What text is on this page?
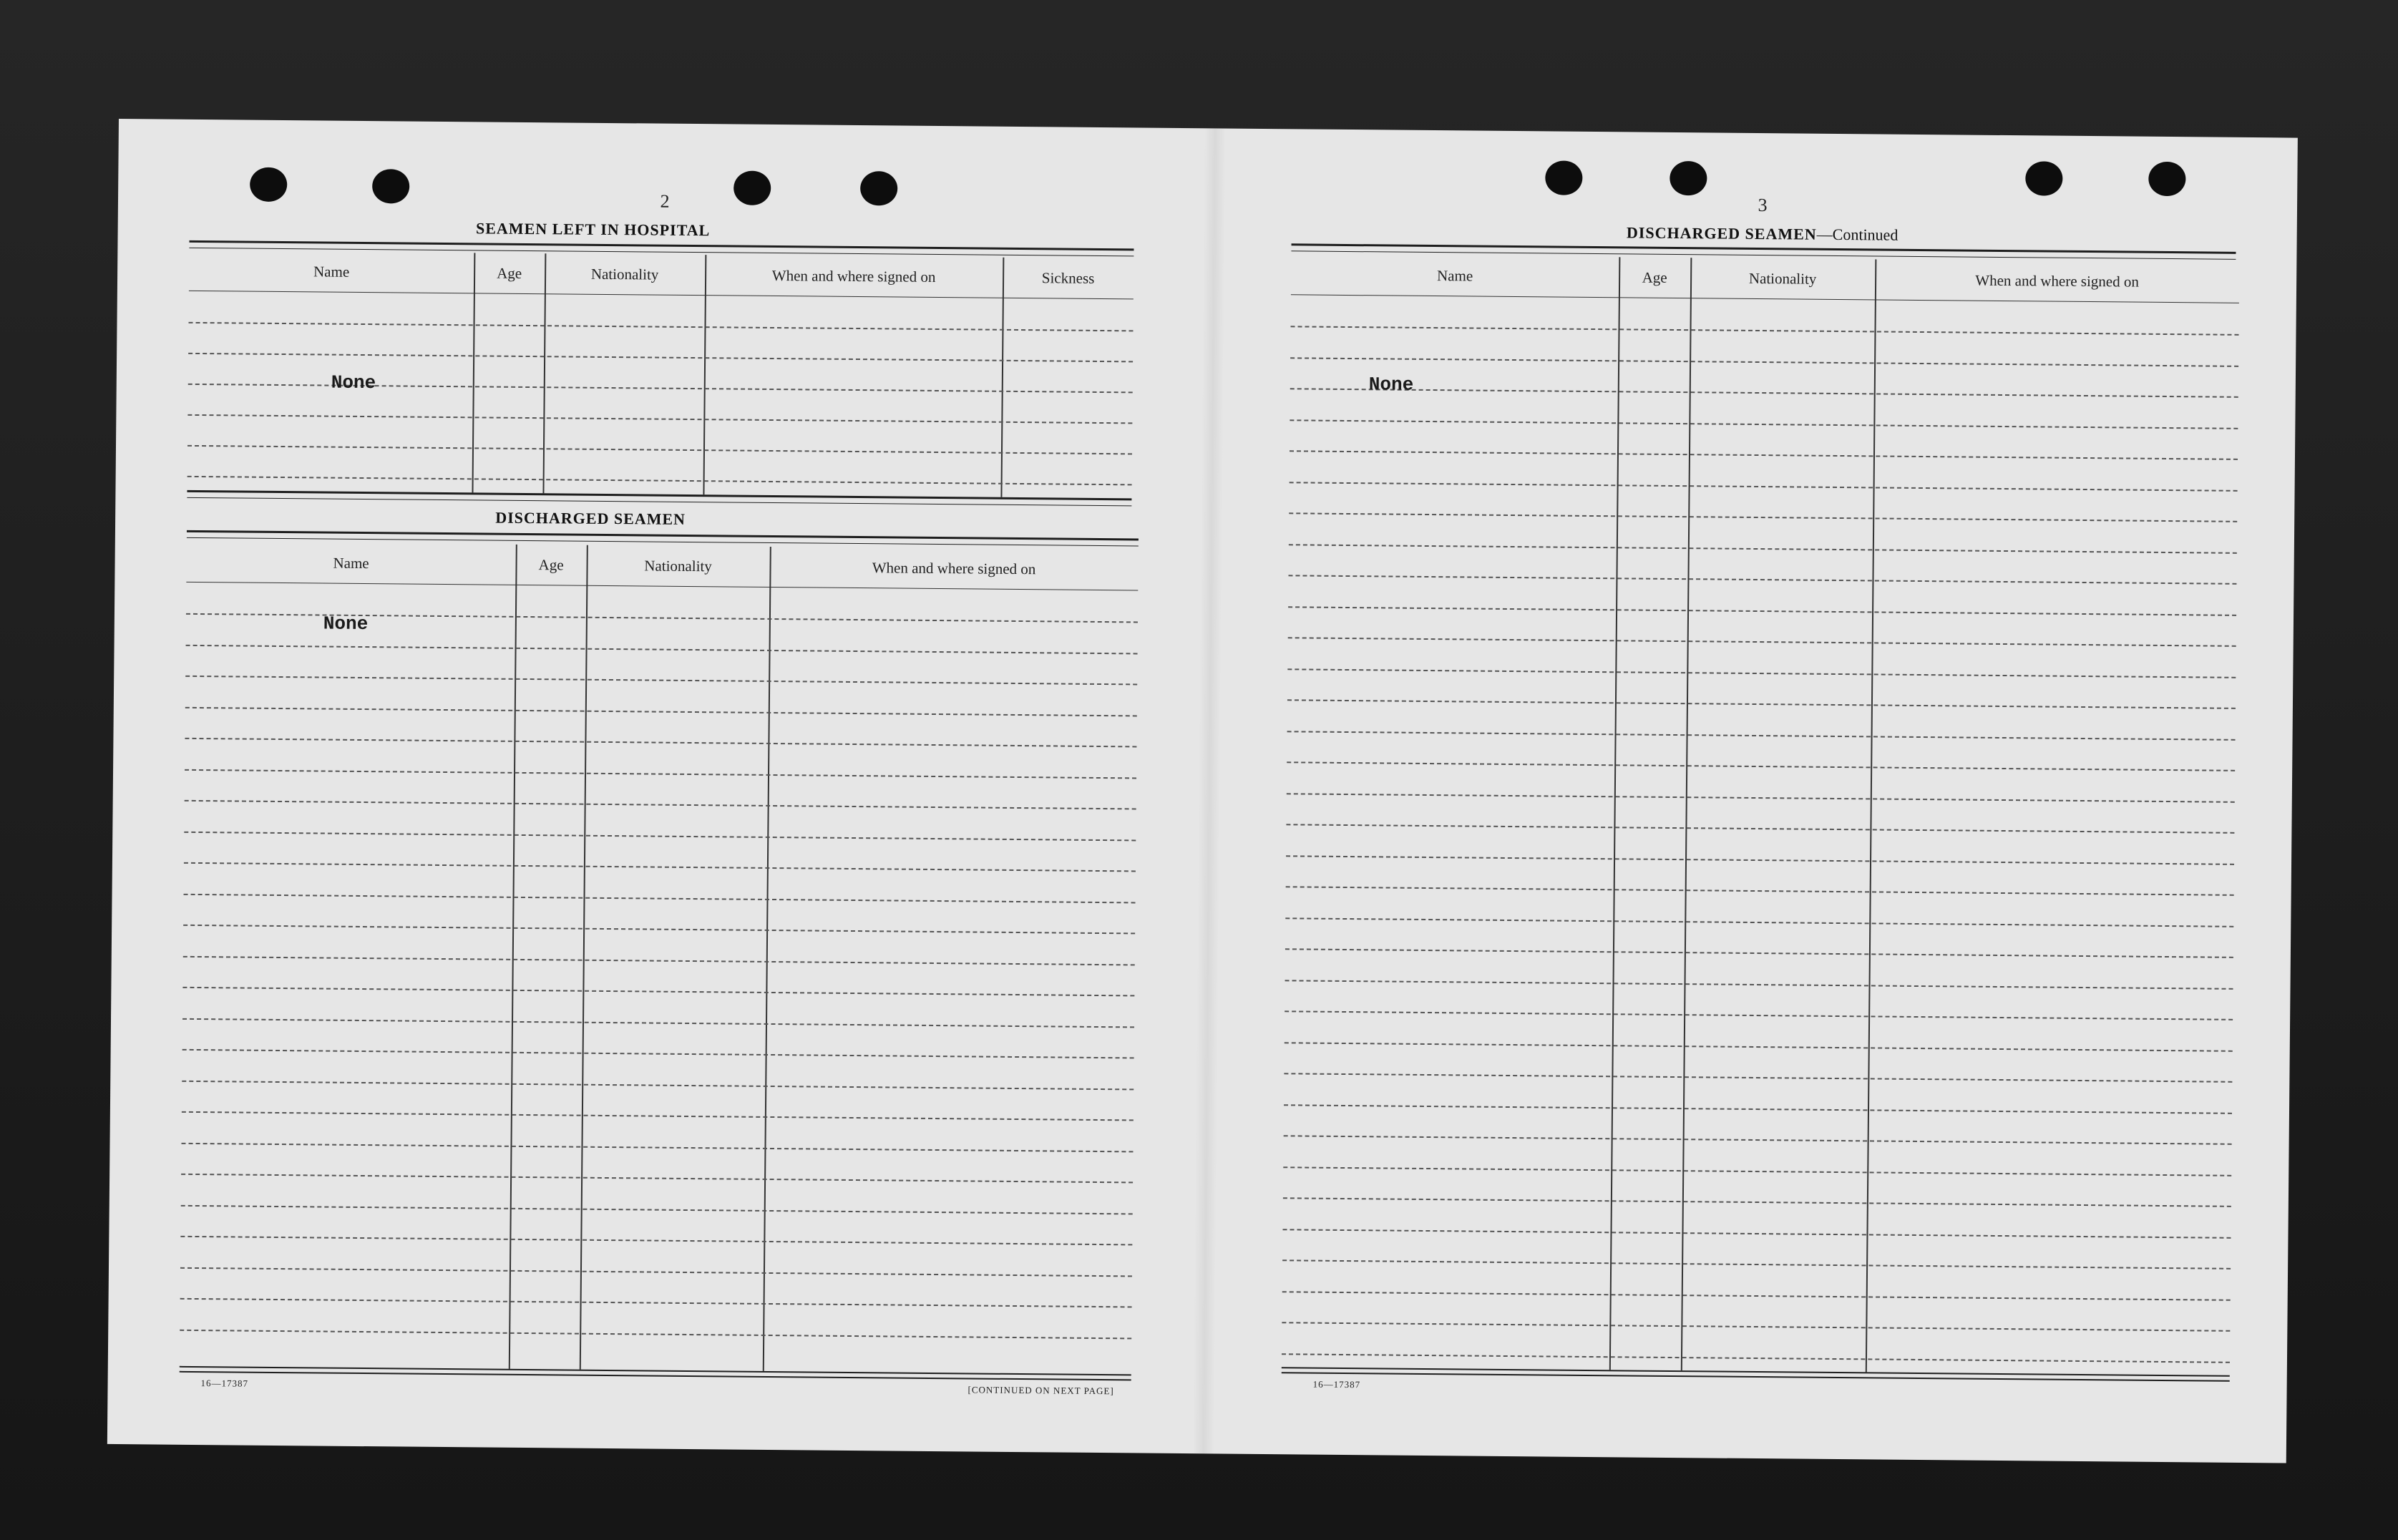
2
SEAMEN LEFT IN HOSPITAL
Name	Age	Nationality	When and where signed on	Sickness
None
DISCHARGED SEAMEN
Name	Age	Nationality	When and where signed on
None
16—17387
[CONTINUED ON NEXT PAGE]
3
DISCHARGED SEAMEN—Continued
Name	Age	Nationality	When and where signed on
None
16—17387
